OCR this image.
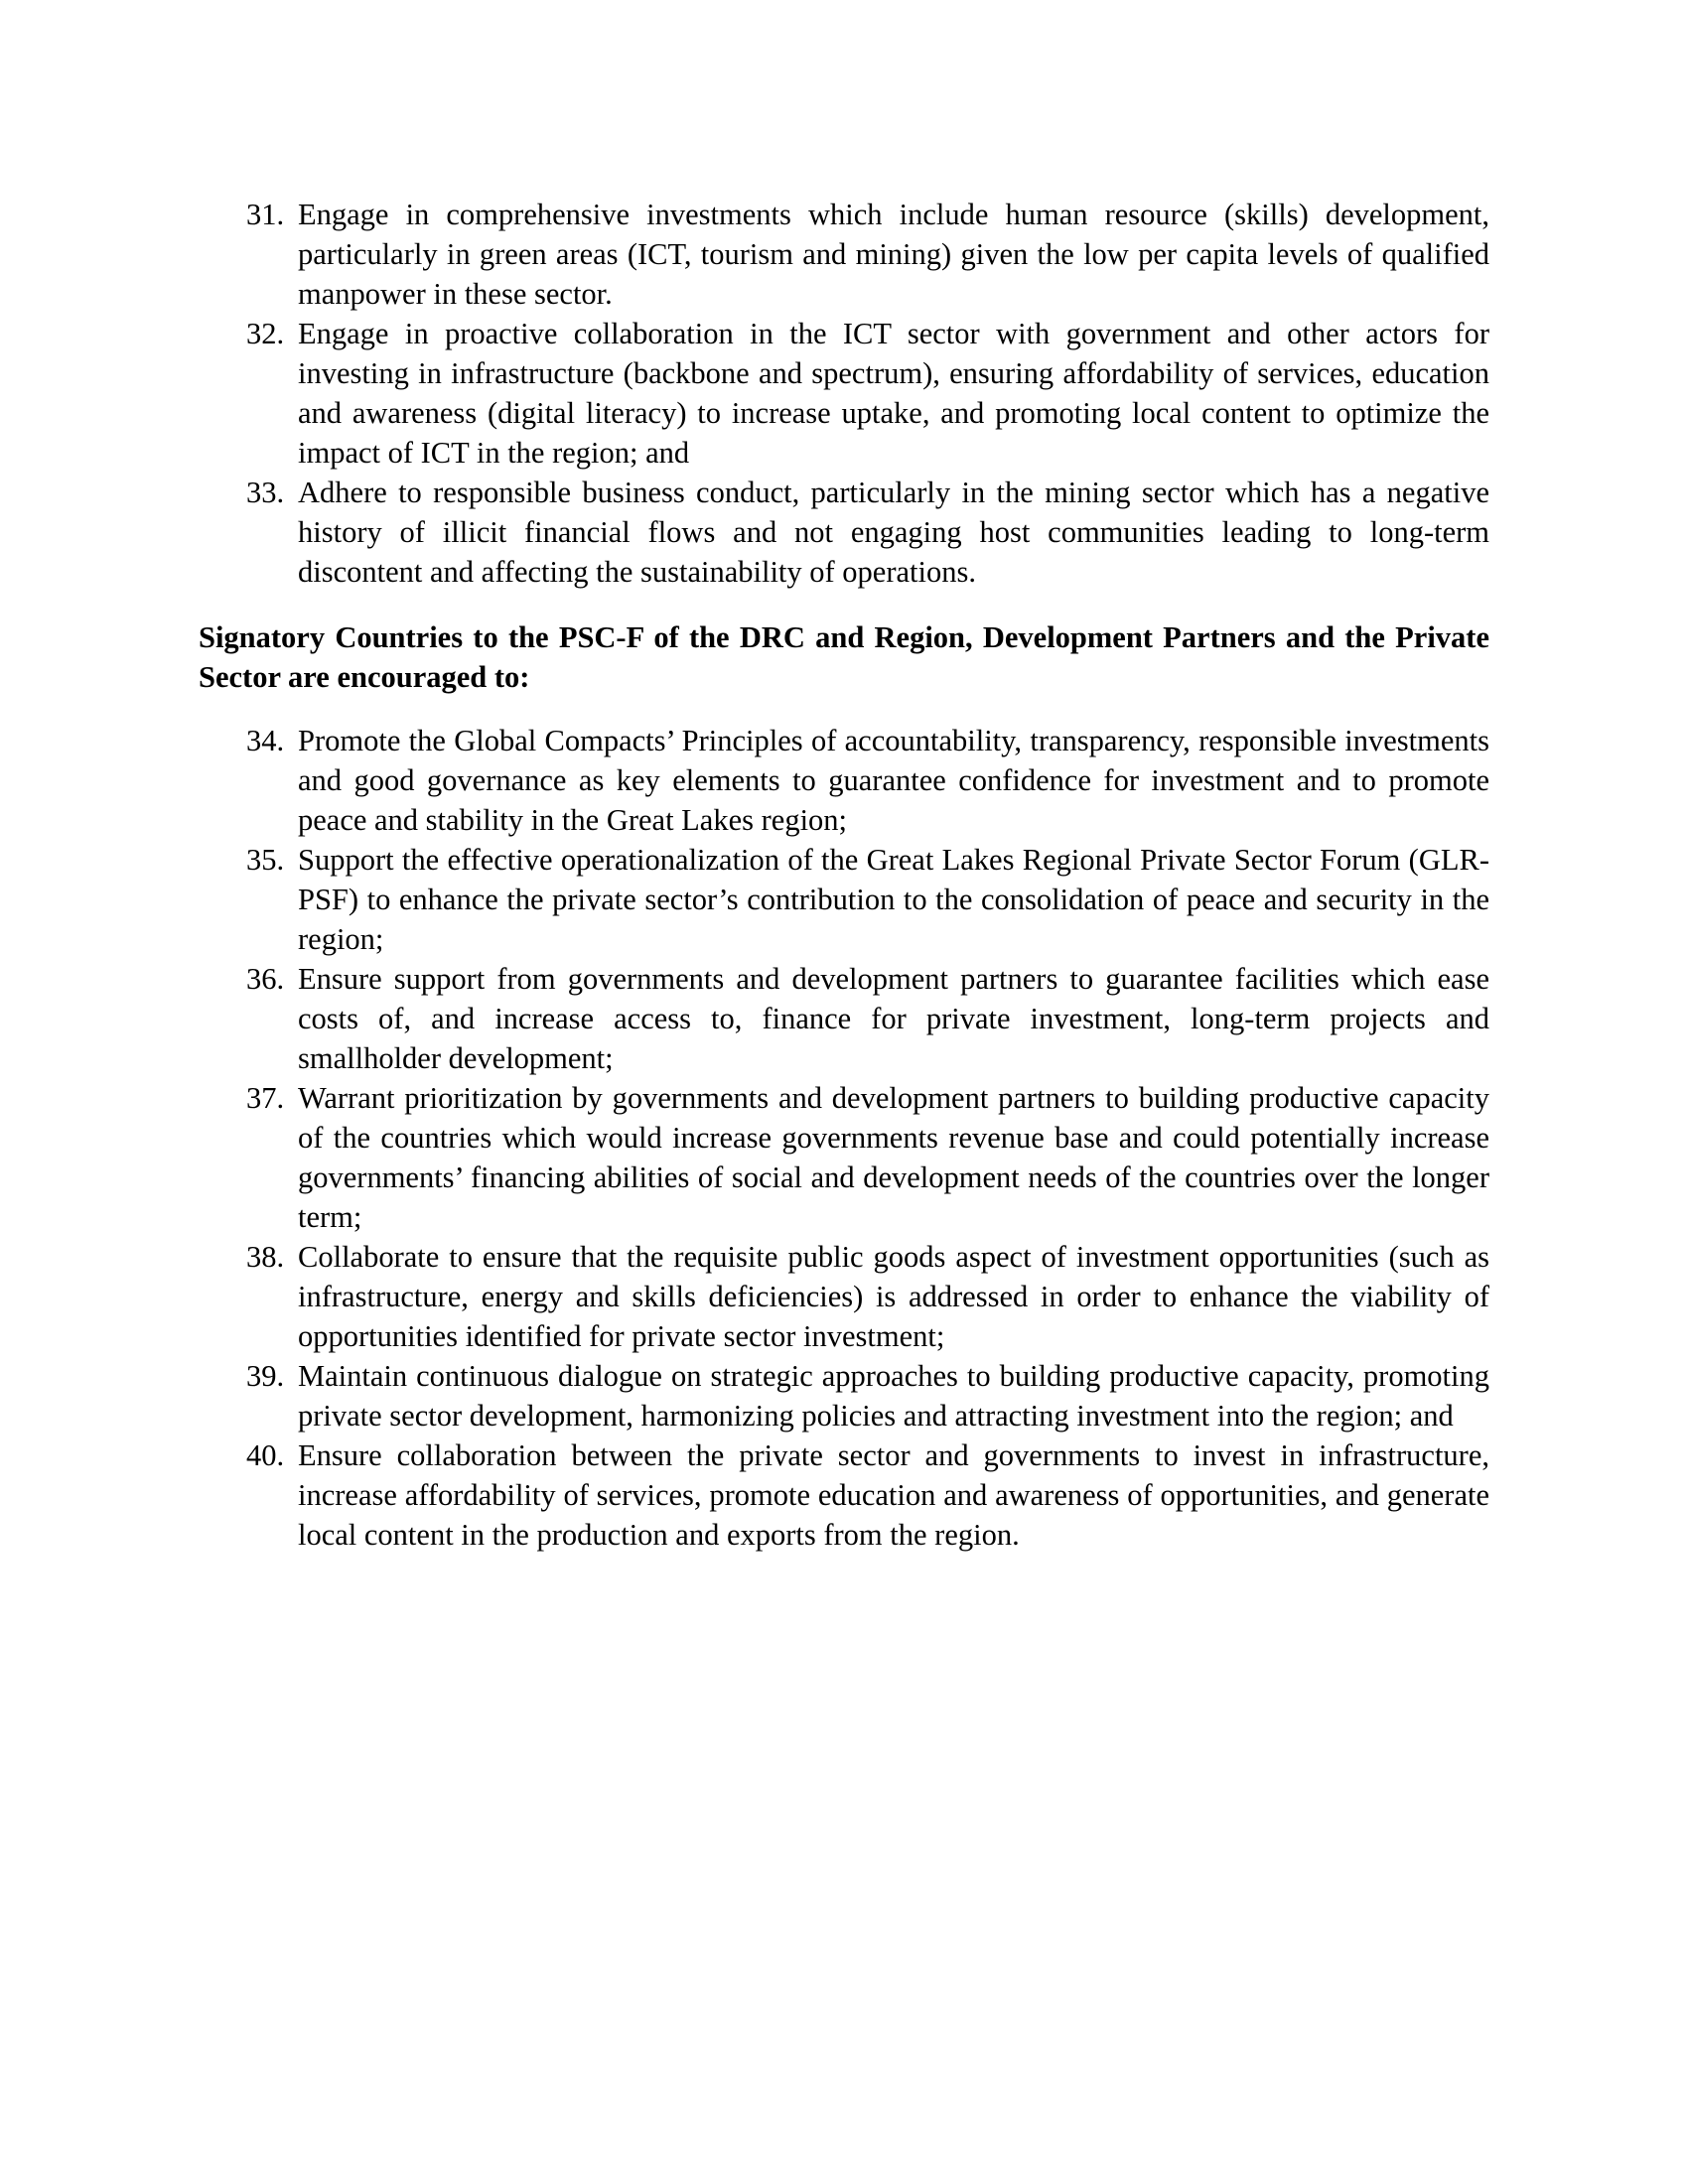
31. Engage in comprehensive investments which include human resource (skills) development, particularly in green areas (ICT, tourism and mining) given the low per capita levels of qualified manpower in these sector.
32. Engage in proactive collaboration in the ICT sector with government and other actors for investing in infrastructure (backbone and spectrum), ensuring affordability of services, education and awareness (digital literacy) to increase uptake, and promoting local content to optimize the impact of ICT in the region; and
33. Adhere to responsible business conduct, particularly in the mining sector which has a negative history of illicit financial flows and not engaging host communities leading to long-term discontent and affecting the sustainability of operations.

Signatory Countries to the PSC-F of the DRC and Region, Development Partners and the Private Sector are encouraged to:

34. Promote the Global Compacts’ Principles of accountability, transparency, responsible investments and good governance as key elements to guarantee confidence for investment and to promote peace and stability in the Great Lakes region;
35. Support the effective operationalization of the Great Lakes Regional Private Sector Forum (GLR-PSF) to enhance the private sector’s contribution to the consolidation of peace and security in the region;
36. Ensure support from governments and development partners to guarantee facilities which ease costs of, and increase access to, finance for private investment, long-term projects and smallholder development;
37. Warrant prioritization by governments and development partners to building productive capacity of the countries which would increase governments revenue base and could potentially increase governments’ financing abilities of social and development needs of the countries over the longer term;
38. Collaborate to ensure that the requisite public goods aspect of investment opportunities (such as infrastructure, energy and skills deficiencies) is addressed in order to enhance the viability of opportunities identified for private sector investment;
39. Maintain continuous dialogue on strategic approaches to building productive capacity, promoting private sector development, harmonizing policies and attracting investment into the region; and
40. Ensure collaboration between the private sector and governments to invest in infrastructure, increase affordability of services, promote education and awareness of opportunities, and generate local content in the production and exports from the region.
